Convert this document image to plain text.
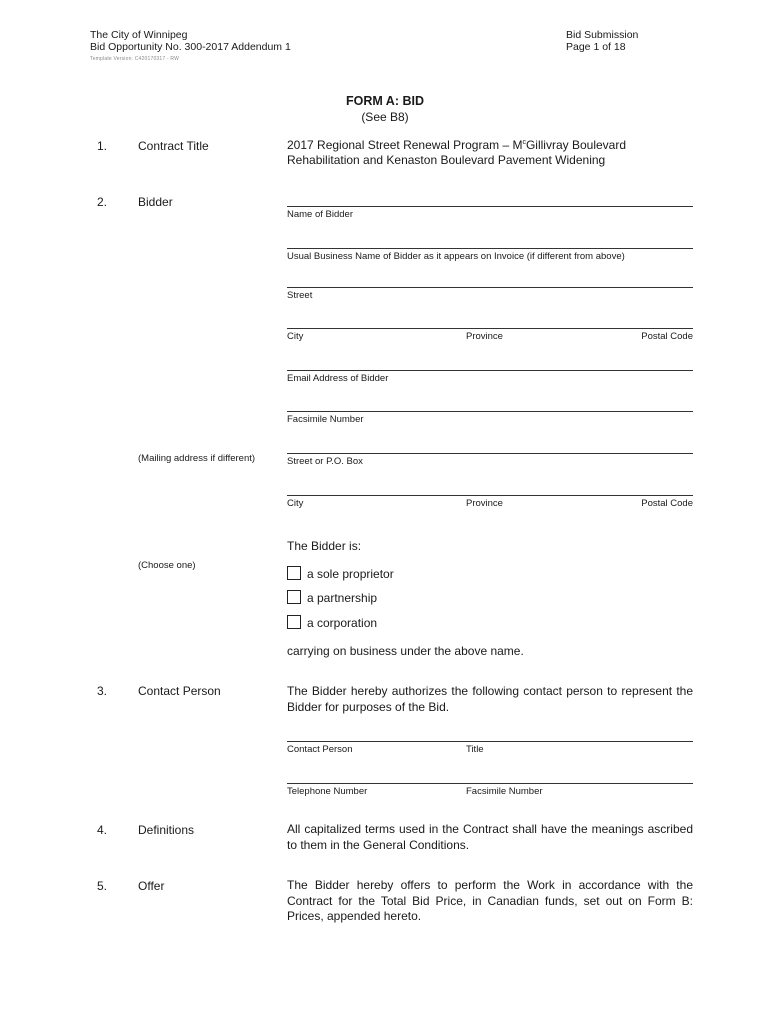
The City of Winnipeg
Bid Opportunity No. 300-2017 Addendum 1
Template Version: C420170317 - RW
Bid Submission
Page 1 of 18
FORM A: BID
(See B8)
1.	Contract Title	2017 Regional Street Renewal Program – $M^cGillivray$ Boulevard
Rehabilitation and Kenaston Boulevard Pavement Widening
2.	Bidder
Name of Bidder
Usual Business Name of Bidder as it appears on Invoice (if different from above)
Street
City	Province	Postal Code
Email Address of Bidder
Facsimile Number
(Mailing address if different)	Street or P.O. Box
City	Province	Postal Code
The Bidder is:
(Choose one)
a sole proprietor
a partnership
a corporation
carrying on business under the above name.
3.	Contact Person	The Bidder hereby authorizes the following contact person to represent the Bidder for purposes of the Bid.
Contact Person	Title
Telephone Number	Facsimile Number
4.	Definitions	All capitalized terms used in the Contract shall have the meanings ascribed to them in the General Conditions.
5.	Offer	The Bidder hereby offers to perform the Work in accordance with the Contract for the Total Bid Price, in Canadian funds, set out on Form B: Prices, appended hereto.
